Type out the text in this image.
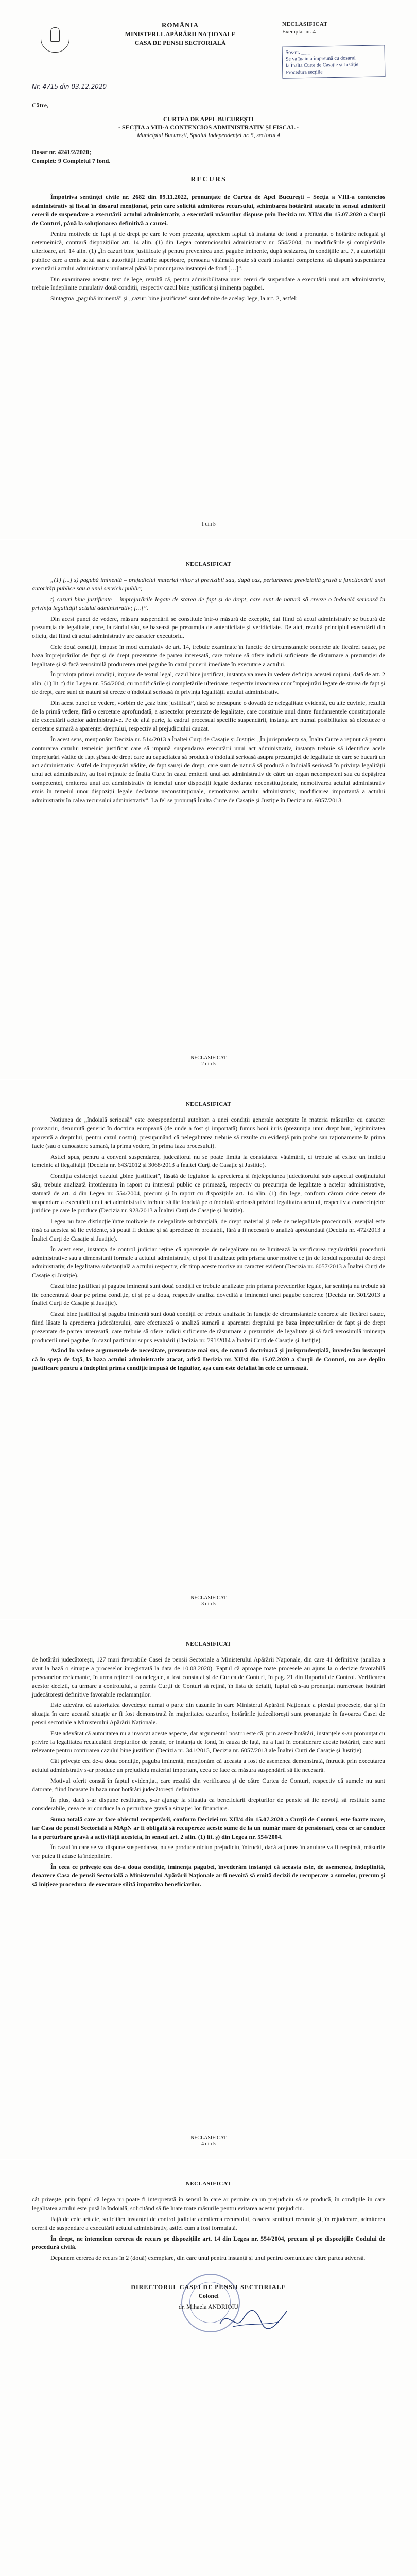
ROMÂNIA
MINISTERUL APĂRĂRII NAȚIONALE
CASA DE PENSII SECTORIALĂ
NECLASIFICAT
Exemplar nr. 4
Sos-nr. __ __
Se va înainta împreună cu dosarul
la Înalta Curte de Casație și Justiție
Procedura secțiile
Nr. 4715 din 03.12.2020
Către,
CURTEA DE APEL BUCUREȘTI
- SECȚIA a VIII-A CONTENCIOS ADMINISTRATIV ȘI FISCAL -
Municipiul București, Splaiul Independenței nr. 5, sectorul 4
Dosar nr. 4241/2/2020;
Complet: 9 Completul 7 fond.
RECURS

Împotriva sentinței civile nr. 2682 din 09.11.2022, pronunțate de Curtea de Apel București – Secția a VIII-a contencios administrativ și fiscal în dosarul menționat, prin care solicită admiterea recursului, schimbarea hotărârii atacate în sensul admiterii cererii de suspendare a executării actului administrativ, a executării măsurilor dispuse prin Decizia nr. XII/4 din 15.07.2020 a Curții de Conturi, până la soluționarea definitivă a cauzei.

Pentru motivele de fapt și de drept pe care le vom prezenta, apreciem faptul că instanța de fond a pronunțat o hotărâre nelegală și netemeinică, contrară dispozițiilor art. 14 alin. (1) din Legea contenciosului administrativ nr. 554/2004, cu modificările și completările ulterioare, art. 14 alin. (1) „În cazuri bine justificate și pentru prevenirea unei pagube iminente, după sesizarea, în condițiile art. 7, a autorității publice care a emis actul sau a autorității ierarhic superioare, persoana vătămată poate să ceară instanței competente să dispună suspendarea executării actului administrativ unilateral până la pronunțarea instanței de fond […]”.

Din examinarea acestui text de lege, rezultă că, pentru admisibilitatea unei cereri de suspendare a executării unui act administrativ, trebuie îndeplinite cumulativ două condiții, respectiv cazul bine justificat și iminența pagubei.

Sintagma „pagubă iminentă” și „cazuri bine justificate” sunt definite de același lege, la art. 2, astfel:

1 din 5
NECLASIFICAT

„(1) [...] ș) pagubă iminentă – prejudiciul material viitor și previzibil sau, după caz, perturbarea previzibilă gravă a funcționării unei autorități publice sau a unui serviciu public;

t) cazuri bine justificate – împrejurările legate de starea de fapt și de drept, care sunt de natură să creeze o îndoială serioasă în privința legalității actului administrativ; [...]”.

Din acest punct de vedere, măsura suspendării se constituie într-o măsură de excepție, dat fiind că actul administrativ se bucură de prezumția de legalitate, care, la rândul său, se bazează pe prezumția de autenticitate și veridicitate. De aici, rezultă principiul executării din oficiu, dat fiind că actul administrativ are caracter executoriu.

Cele două condiții, impuse în mod cumulativ de art. 14, trebuie examinate în funcție de circumstanțele concrete ale fiecărei cauze, pe baza împrejurărilor de fapt și de drept prezentate de partea interesată, care trebuie să ofere indicii suficiente de răsturnare a prezumției de legalitate și să facă verosimilă producerea unei pagube în cazul punerii imediate în executare a actului.

În privința primei condiții, impuse de textul legal, cazul bine justificat, instanța va avea în vedere definiția acestei noțiuni, dată de art. 2 alin. (1) lit. t) din Legea nr. 554/2004, cu modificările și completările ulterioare, respectiv invocarea unor împrejurări legate de starea de fapt și de drept, care sunt de natură să creeze o îndoială serioasă în privința legalității actului administrativ.

Din acest punct de vedere, vorbim de „caz bine justificat”, dacă se presupune o dovadă de nelegalitate evidentă, cu alte cuvinte, rezultă de la primă vedere, fără o cercetare aprofundată, a aspectelor prezentate de legalitate, care constituie unul dintre fundamentele constituționale ale executării actelor administrative. Pe de altă parte, la cadrul procesual specific suspendării, instanța are numai posibilitatea să efectueze o cercetare sumară a aparenței dreptului, respectiv al prejudiciului cauzat.

În acest sens, menționăm Decizia nr. 514/2013 a Înaltei Curți de Casație și Justiție: „În jurisprudența sa, Înalta Curte a reținut că pentru conturarea cazului temeinic justificat care să impună suspendarea executării unui act administrativ, instanța trebuie să identifice acele împrejurări vădite de fapt și/sau de drept care au capacitatea să producă o îndoială serioasă asupra prezumției de legalitate de care se bucură un act administrativ. Astfel de împrejurări vădite, de fapt sau/și de drept, care sunt de natură să producă o îndoială serioasă în privința legalității unui act administrativ, au fost reținute de Înalta Curte în cazul emiterii unui act administrativ de către un organ necompetent sau cu depășirea competenței, emiterea unui act administrativ în temeiul unor dispoziții legale declarate neconstituționale, nemotivarea actului administrativ emis în temeiul unor dispoziții legale declarate neconstituționale, nemotivarea actului administrativ, modificarea importantă a actului administrativ în calea recursului administrativ”. La fel se pronunță Înalta Curte de Casație și Justiție în Decizia nr. 6057/2013.

NECLASIFICAT
2 din 5
NECLASIFICAT

Noțiunea de „îndoială serioasă” este corespondentul autohton a unei condiții generale acceptate în materia măsurilor cu caracter provizoriu, denumită generic în doctrina europeană (de unde a fost și importată) fumus boni iuris (prezumția unui drept bun, legitimitatea aparentă a dreptului, pentru cazul nostru), presupunând că nelegalitatea trebuie să rezulte cu evidență prin probe sau raționamente la prima facie (sau o cunoaștere sumară, la prima vedere, în prima faza procesului).

Astfel spus, pentru a conveni suspendarea, judecătorul nu se poate limita la constatarea vătămării, ci trebuie să existe un indiciu temeinic al ilegalității (Decizia nr. 643/2012 și 3068/2013 a Înaltei Curți de Casație și Justiție).

Condiția existenței cazului „bine justificat”, lăsată de legiuitor la aprecierea și înțelepciunea judecătorului sub aspectul conținutului său, trebuie analizată întotdeauna în raport cu interesul public ce primează, respectiv cu prezumția de legalitate a actelor administrative, statuată de art. 4 din Legea nr. 554/2004, precum și în raport cu dispozițiile art. 14 alin. (1) din lege, conform cărora orice cerere de suspendare a executării unui act administrativ trebuie să fie fondată pe o îndoială serioasă privind legalitatea actului, respectiv a consecințelor juridice pe care le produce (Decizia nr. 928/2013 a Înaltei Curți de Casație și Justiție).

Legea nu face distincție între motivele de nelegalitate substanțială, de drept material și cele de nelegalitate procedurală, esențial este însă ca acestea să fie evidente, să poată fi deduse și să aprecieze în prealabil, fără a fi necesară o analiză aprofundată (Decizia nr. 472/2013 a Înaltei Curți de Casație și Justiție).

În acest sens, instanța de control judiciar reține că aparențele de nelegalitate nu se limitează la verificarea regularității procedurii administrative sau a dimensiunii formale a actului administrativ, ci pot fi analizate prin prisma unor motive ce țin de fondul raportului de drept administrativ, de legalitatea substanțială a actului respectiv, cât timp aceste motive au caracter evident (Decizia nr. 6057/2013 a Înaltei Curți de Casație și Justiție).

Cazul bine justificat și paguba iminentă sunt două condiții ce trebuie analizate prin prisma prevederilor legale, iar sentința nu trebuie să fie concentrată doar pe prima condiție, ci și pe a doua, respectiv analiza dovedită a iminenței unei pagube concrete (Decizia nr. 301/2013 a Înaltei Curți de Casație și Justiție).

Cazul bine justificat și paguba iminentă sunt două condiții ce trebuie analizate în funcție de circumstanțele concrete ale fiecărei cauze, fiind lăsate la aprecierea judecătorului, care efectuează o analiză sumară a aparenței dreptului pe baza împrejurărilor de fapt și de drept prezentate de partea interesată, care trebuie să ofere indicii suficiente de răsturnare a prezumției de legalitate și să facă verosimilă iminența producerii unei pagube, în cazul particular supus evaluării (Decizia nr. 791/2014 a Înaltei Curți de Casație și Justiție).

Având în vedere argumentele de necesitate, prezentate mai sus, de natură doctrinară și jurisprudențială, învederăm instanței că în speța de față, la baza actului administrativ atacat, adică Decizia nr. XII/4 din 15.07.2020 a Curții de Conturi, nu are deplin justificare pentru a îndeplini prima condiție impusă de legiuitor, așa cum este detaliat în cele ce urmează.

NECLASIFICAT
3 din 5
NECLASIFICAT

de hotărâri judecătorești, 127 mari favorabile Casei de pensii Sectoriale a Ministerului Apărării Naționale, din care 41 definitive (analiza a avut la bază o situație a proceselor înregistrată la data de 10.08.2020). Faptul că aproape toate procesele au ajuns la o decizie favorabilă persoanelor reclamante, în urma reținerii ca nelegale, a fost constatat și de Curtea de Conturi, în pag. 21 din Raportul de Control. Verificarea acestor decizii, ca urmare a controlului, a permis Curții de Conturi să rețină, în lista de detalii, faptul că s-au pronunțat numeroase hotărâri judecătorești definitive favorabile reclamanților.

Este adevărat că autoritatea dovedește numai o parte din cazurile în care Ministerul Apărării Naționale a pierdut procesele, dar și în situația în care această situație ar fi fost demonstrată în majoritatea cazurilor, hotărârile judecătorești sunt pronunțate în favoarea Casei de pensii sectoriale a Ministerului Apărării Naționale.

Este adevărat că autoritatea nu a invocat aceste aspecte, dar argumentul nostru este că, prin aceste hotărâri, instanțele s-au pronunțat cu privire la legalitatea recalculării drepturilor de pensie, or instanța de fond, în cauza de față, nu a luat în considerare aceste hotărâri, care sunt relevante pentru conturarea cazului bine justificat (Decizia nr. 341/2015, Decizia nr. 6057/2013 ale Înaltei Curți de Casație și Justiție).

Cât privește cea de-a doua condiție, paguba iminentă, menționăm că aceasta a fost de asemenea demonstrată, întrucât prin executarea actului administrativ s-ar produce un prejudiciu material important, ceea ce face ca măsura suspendării să fie necesară.

Motivul oferit constă în faptul evidențiat, care rezultă din verificarea și de către Curtea de Conturi, respectiv că sumele nu sunt datorate, fiind încasate în baza unor hotărâri judecătorești definitive.

În plus, dacă s-ar dispune restituirea, s-ar ajunge la situația ca beneficiarii drepturilor de pensie să fie nevoiți să restituie sume considerabile, ceea ce ar conduce la o perturbare gravă a situației lor financiare.

Suma totală care ar face obiectul recuperării, conform Deciziei nr. XII/4 din 15.07.2020 a Curții de Conturi, este foarte mare, iar Casa de pensii Sectorială a MApN ar fi obligată să recupereze aceste sume de la un număr mare de pensionari, ceea ce ar conduce la o perturbare gravă a activității acesteia, în sensul art. 2 alin. (1) lit. ș) din Legea nr. 554/2004.

În cazul în care se va dispune suspendarea, nu se produce niciun prejudiciu, întrucât, dacă acțiunea în anulare va fi respinsă, măsurile vor putea fi aduse la îndeplinire.

În ceea ce privește cea de-a doua condiție, iminența pagubei, învederăm instanței că aceasta este, de asemenea, îndeplinită, deoarece Casa de pensii Sectorială a Ministerului Apărării Naționale ar fi nevoită să emită decizii de recuperare a sumelor, precum și să inițieze procedura de executare silită împotriva beneficiarilor.

NECLASIFICAT
4 din 5
NECLASIFICAT

cât privește, prin faptul că legea nu poate fi interpretată în sensul în care ar permite ca un prejudiciu să se producă, în condițiile în care legalitatea actului este pusă la îndoială, solicitând să fie luate toate măsurile pentru evitarea acestui prejudiciu.

Față de cele arătate, solicităm instanței de control judiciar admiterea recursului, casarea sentinței recurate și, în rejudecare, admiterea cererii de suspendare a executării actului administrativ, astfel cum a fost formulată.

În drept, ne întemeiem cererea de recurs pe dispozițiile art. 14 din Legea nr. 554/2004, precum și pe dispozițiile Codului de procedură civilă.

Depunem cererea de recurs în 2 (două) exemplare, din care unul pentru instanță și unul pentru comunicare către partea adversă.

DIRECTORUL CASEI DE PENSII SECTORIALE
Colonel
dr. Mihaela ANDRIOIU
